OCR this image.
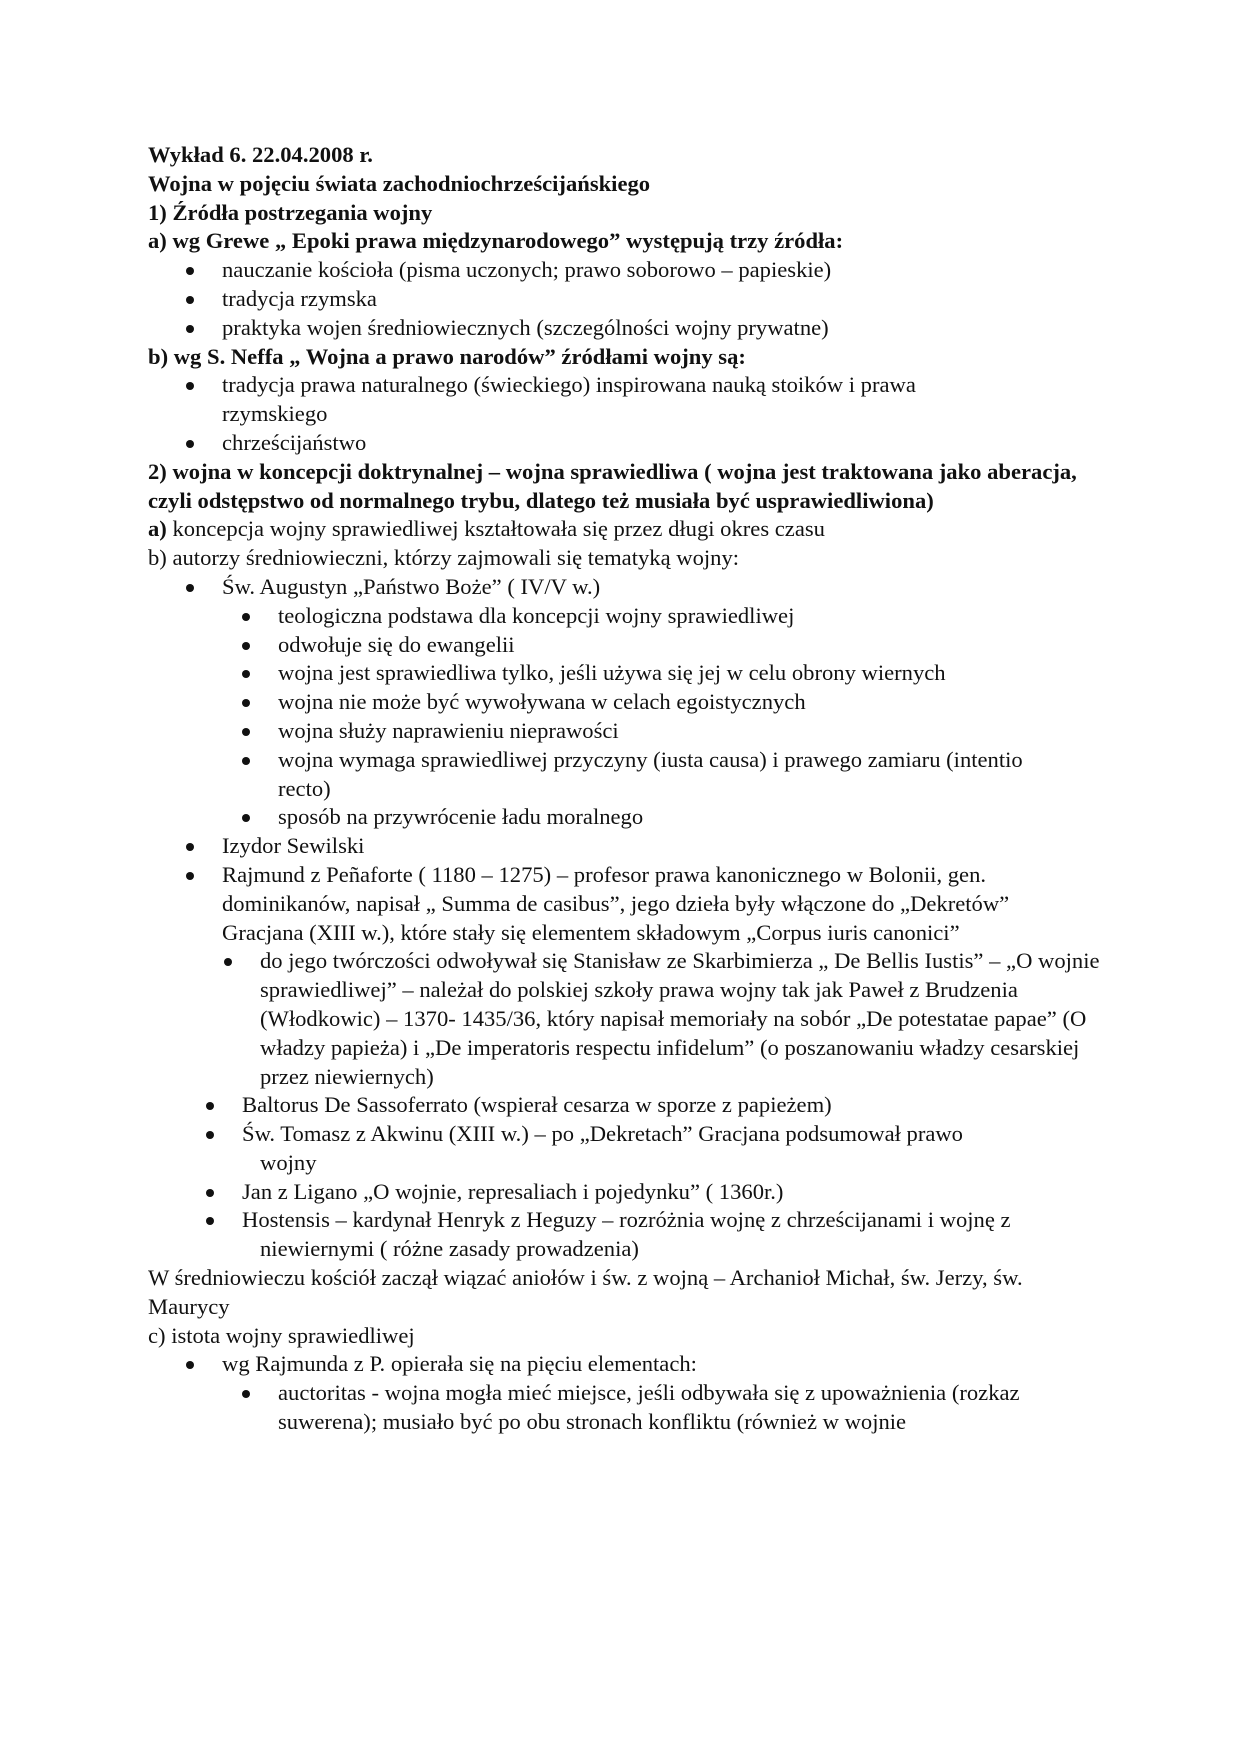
Wykład 6. 22.04.2008 r.

Wojna w pojęciu świata zachodniochrześcijańskiego

1) Źródła postrzegania wojny

a) wg Grewe „ Epoki prawa międzynarodowego” występują trzy źródła:

nauczanie kościoła (pisma uczonych; prawo soborowo – papieskie)
tradycja rzymska
praktyka wojen średniowiecznych (szczególności wojny prywatne)

b) wg S. Neffa „ Wojna a prawo narodów” źródłami wojny są:

tradycja prawa naturalnego (świeckiego) inspirowana nauką stoików i prawa rzymskiego
chrześcijaństwo

2) wojna w koncepcji doktrynalnej – wojna sprawiedliwa ( wojna jest traktowana jako aberacja, czyli odstępstwo od normalnego trybu, dlatego też musiała być usprawiedliwiona)

a) koncepcja wojny sprawiedliwej kształtowała się przez długi okres czasu

b) autorzy średniowieczni, którzy zajmowali się tematyką wojny:

Św. Augustyn „Państwo Boże” ( IV/V w.)
teologiczna podstawa dla koncepcji wojny sprawiedliwej
odwołuje się do ewangelii
wojna jest sprawiedliwa tylko, jeśli używa się jej w celu obrony wiernych
wojna nie może być wywoływana w celach egoistycznych
wojna służy naprawieniu nieprawości
wojna wymaga sprawiedliwej przyczyny (iusta causa) i prawego zamiaru (intentio recto)
sposób na przywrócenie ładu moralnego
Izydor Sewilski
Rajmund z Peñaforte ( 1180 – 1275) – profesor prawa kanonicznego w Bolonii, gen. dominikanów, napisał „ Summa de casibus”, jego dzieła były włączone do „Dekretów” Gracjana (XIII w.), które stały się elementem składowym „Corpus iuris canonici”
do jego twórczości odwoływał się Stanisław ze Skarbimierza „ De Bellis Iustis” – „O wojnie sprawiedliwej” – należał do polskiej szkoły prawa wojny tak jak Paweł z Brudzenia (Włodkowic) – 1370- 1435/36, który napisał memoriały na sobór „De potestatae papae” (O władzy papieża) i „De imperatoris respectu infidelum” (o poszanowaniu władzy cesarskiej przez niewiernych)
Baltorus De Sassoferrato (wspierał cesarza w sporze z papieżem)
Św. Tomasz z Akwinu (XIII w.) – po „Dekretach” Gracjana podsumował prawo
wojny
Jan z Ligano „O wojnie, represaliach i pojedynku” ( 1360r.)
Hostensis – kardynał Henryk z Heguzy – rozróżnia wojnę z chrześcijanami i wojnę z
niewiernymi ( różne zasady prowadzenia)

W średniowieczu kościół zaczął wiązać aniołów i św. z wojną – Archanioł Michał, św. Jerzy, św. Maurycy

c) istota wojny sprawiedliwej

wg Rajmunda z P. opierała się na pięciu elementach:
auctoritas - wojna mogła mieć miejsce, jeśli odbywała się z upoważnienia (rozkaz suwerena); musiało być po obu stronach konfliktu (również w wojnie
